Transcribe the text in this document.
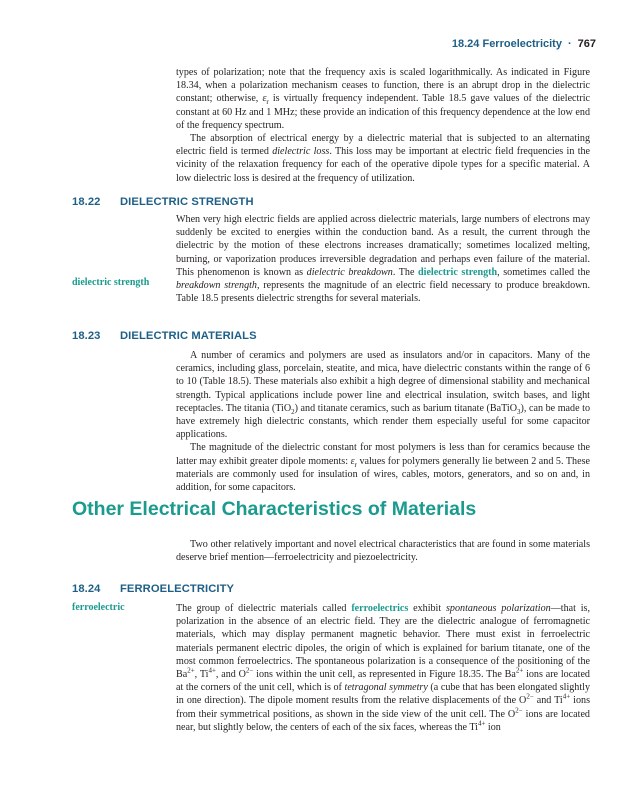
18.24 Ferroelectricity · 767

types of polarization; note that the frequency axis is scaled logarithmically. As indicated in Figure 18.34, when a polarization mechanism ceases to function, there is an abrupt drop in the dielectric constant; otherwise, $\varepsilon_r$ is virtually frequency independent. Table 18.5 gave values of the dielectric constant at 60 Hz and 1 MHz; these provide an indication of this frequency dependence at the low end of the frequency spectrum.

The absorption of electrical energy by a dielectric material that is subjected to an alternating electric field is termed dielectric loss. This loss may be important at electric field frequencies in the vicinity of the relaxation frequency for each of the operative dipole types for a specific material. A low dielectric loss is desired at the frequency of utilization.

18.22 DIELECTRIC STRENGTH
dielectric strength

When very high electric fields are applied across dielectric materials, large numbers of electrons may suddenly be excited to energies within the conduction band. As a result, the current through the dielectric by the motion of these electrons increases dramatically; sometimes localized melting, burning, or vaporization produces irreversible degradation and perhaps even failure of the material. This phenomenon is known as dielectric breakdown. The dielectric strength, sometimes called the breakdown strength, represents the magnitude of an electric field necessary to produce breakdown. Table 18.5 presents dielectric strengths for several materials.

18.23 DIELECTRIC MATERIALS

A number of ceramics and polymers are used as insulators and/or in capacitors. Many of the ceramics, including glass, porcelain, steatite, and mica, have dielectric constants within the range of 6 to 10 (Table 18.5). These materials also exhibit a high degree of dimensional stability and mechanical strength. Typical applications include power line and electrical insulation, switch bases, and light receptacles. The titania (TiO$_2$) and titanate ceramics, such as barium titanate (BaTiO$_3$), can be made to have extremely high dielectric constants, which render them especially useful for some capacitor applications.

The magnitude of the dielectric constant for most polymers is less than for ceramics because the latter may exhibit greater dipole moments: $\varepsilon_r$ values for polymers generally lie between 2 and 5. These materials are commonly used for insulation of wires, cables, motors, generators, and so on and, in addition, for some capacitors.

Other Electrical Characteristics of Materials

Two other relatively important and novel electrical characteristics that are found in some materials deserve brief mention—ferroelectricity and piezoelectricity.

18.24 FERROELECTRICITY
ferroelectric	The group of dielectric materials called ferroelectrics exhibit spontaneous polarization—that is, polarization in the absence of an electric field. They are the dielectric analogue of ferromagnetic materials, which may display permanent magnetic behavior. There must exist in ferroelectric materials permanent electric dipoles, the origin of which is explained for barium titanate, one of the most common ferroelectrics. The spontaneous polarization is a consequence of the positioning of the $Ba^{2+}$, $Ti^{4+}$, and $O^{2-}$ ions within the unit cell, as represented in Figure 18.35. The $Ba^{2+}$ ions are located at the corners of the unit cell, which is of tetragonal symmetry (a cube that has been elongated slightly in one direction). The dipole moment results from the relative displacements of the $O^{2-}$ and $Ti^{4+}$ ions from their symmetrical positions, as shown in the side view of the unit cell. The $O^{2-}$ ions are located near, but slightly below, the centers of each of the six faces, whereas the $Ti^{4+}$ ion
